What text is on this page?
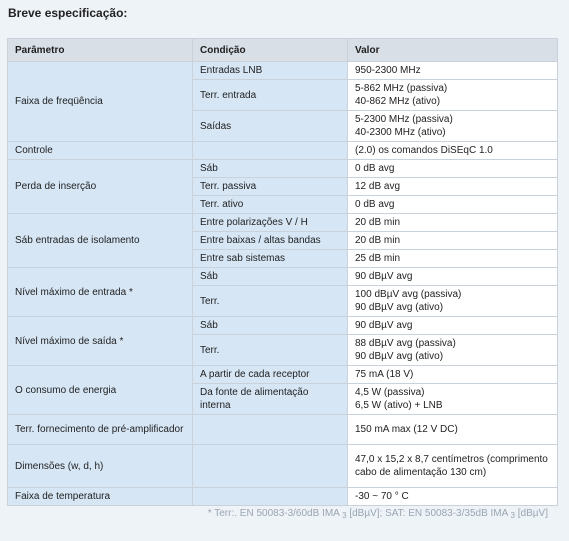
Breve especificação:
Parâmetro	Condição	Valor
Faixa de freqüência	Entradas LNB	950-2300 MHz
	Terr. entrada	5-862 MHz (passiva)
40-862 MHz (ativo)

	Saídas	5-2300 MHz (passiva)
40-2300 MHz (ativo)

Controle		(2.0) os comandos DiSEqC 1.0
Perda de inserção	Sáb	0 dB avg
	Terr. passiva	12 dB avg
	Terr. ativo	0 dB avg
Sáb entradas de isolamento	Entre polarizações V / H	20 dB min
	Entre baixas / altas bandas	20 dB min
	Entre sab sistemas	25 dB min
Nível máximo de entrada *	Sáb	90 dBµV avg
	Terr.	100 dBµV avg (passiva)
90 dBµV avg (ativo)

Nível máximo de saída *	Sáb	90 dBµV avg
	Terr.	88 dBµV avg (passiva)
90 dBµV avg (ativo)

O consumo de energia	A partir de cada receptor	75 mA (18 V)
	Da fonte de alimentação interna	4,5 W (passiva)
6,5 W (ativo) + LNB

Terr. fornecimento de pré-amplificador		150 mA max (12 V DC)
Dimensões (w, d, h)		47,0 x 15,2 x 8,7 centímetros (comprimento cabo de alimentação 130 cm)
Faixa de temperatura		-30 ~ 70 ° C
* Terr:. EN 50083-3/60dB IMA $_3$ [dBµV]; SAT: EN 50083-3/35dB IMA $_3$ [dBµV]
